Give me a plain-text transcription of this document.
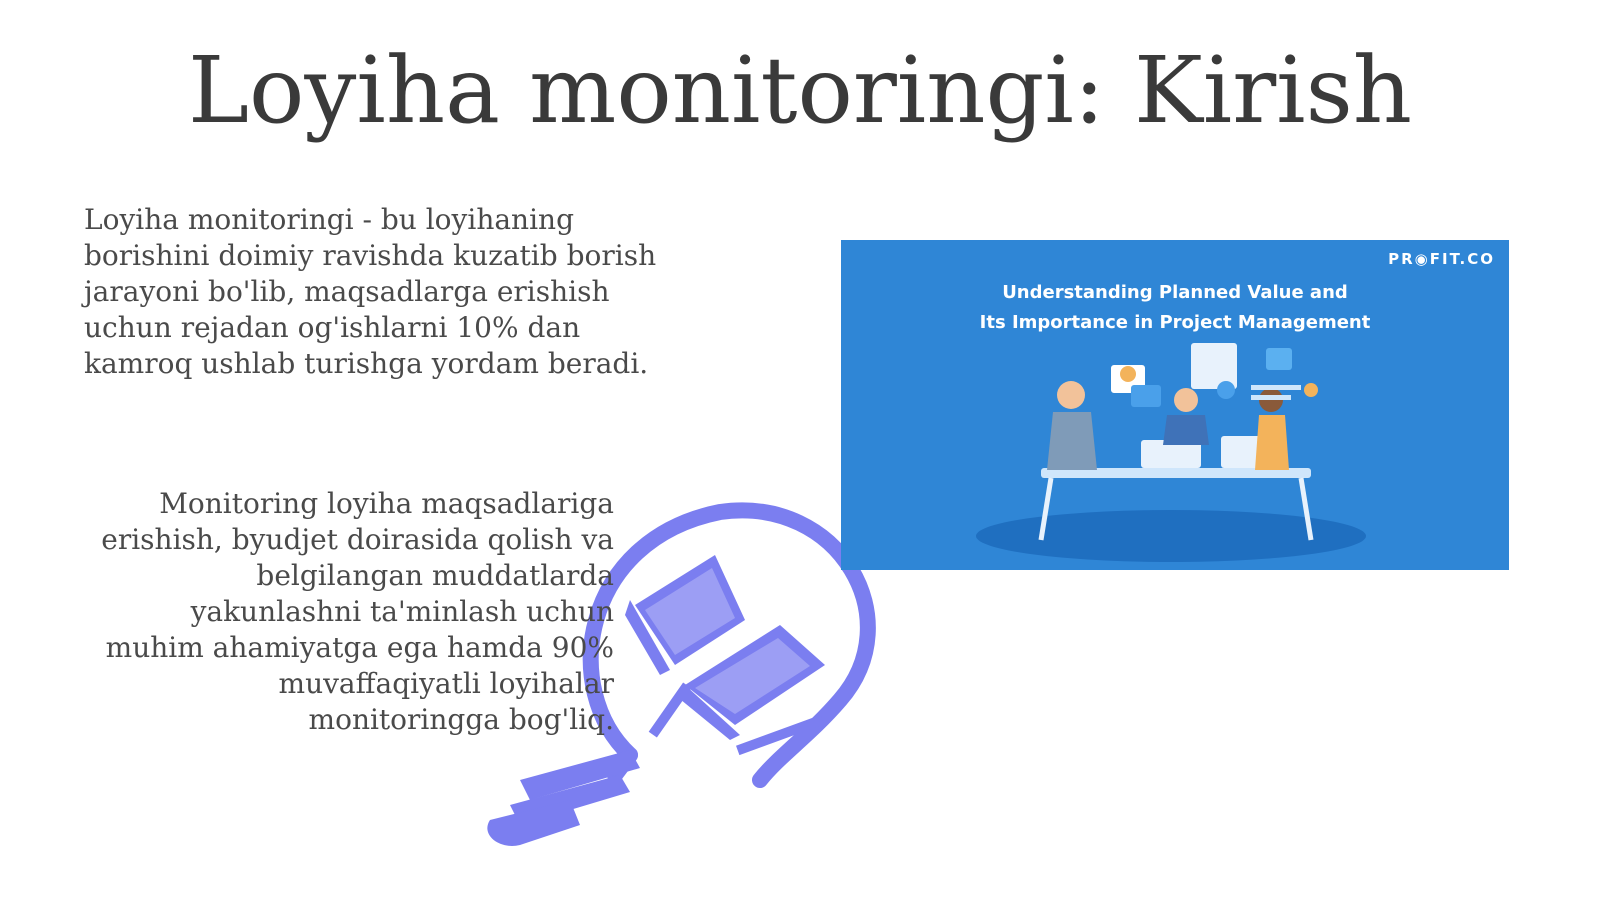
Loyiha monitoringi: Kirish

Loyiha monitoringi - bu loyihaning borishini doimiy ravishda kuzatib borish jarayoni bo'lib, maqsadlarga erishish uchun rejadan og'ishlarni 10% dan kamroq ushlab turishga yordam beradi.

Monitoring loyiha maqsadlariga erishish, byudjet doirasida qolish va belgilangan muddatlarda yakunlashni ta'minlash uchun muhim ahamiyatga ega hamda 90% muvaffaqiyatli loyihalar monitoringga bog'liq.

PR◉FIT.CO
Understanding Planned Value and
Its Importance in Project Management
